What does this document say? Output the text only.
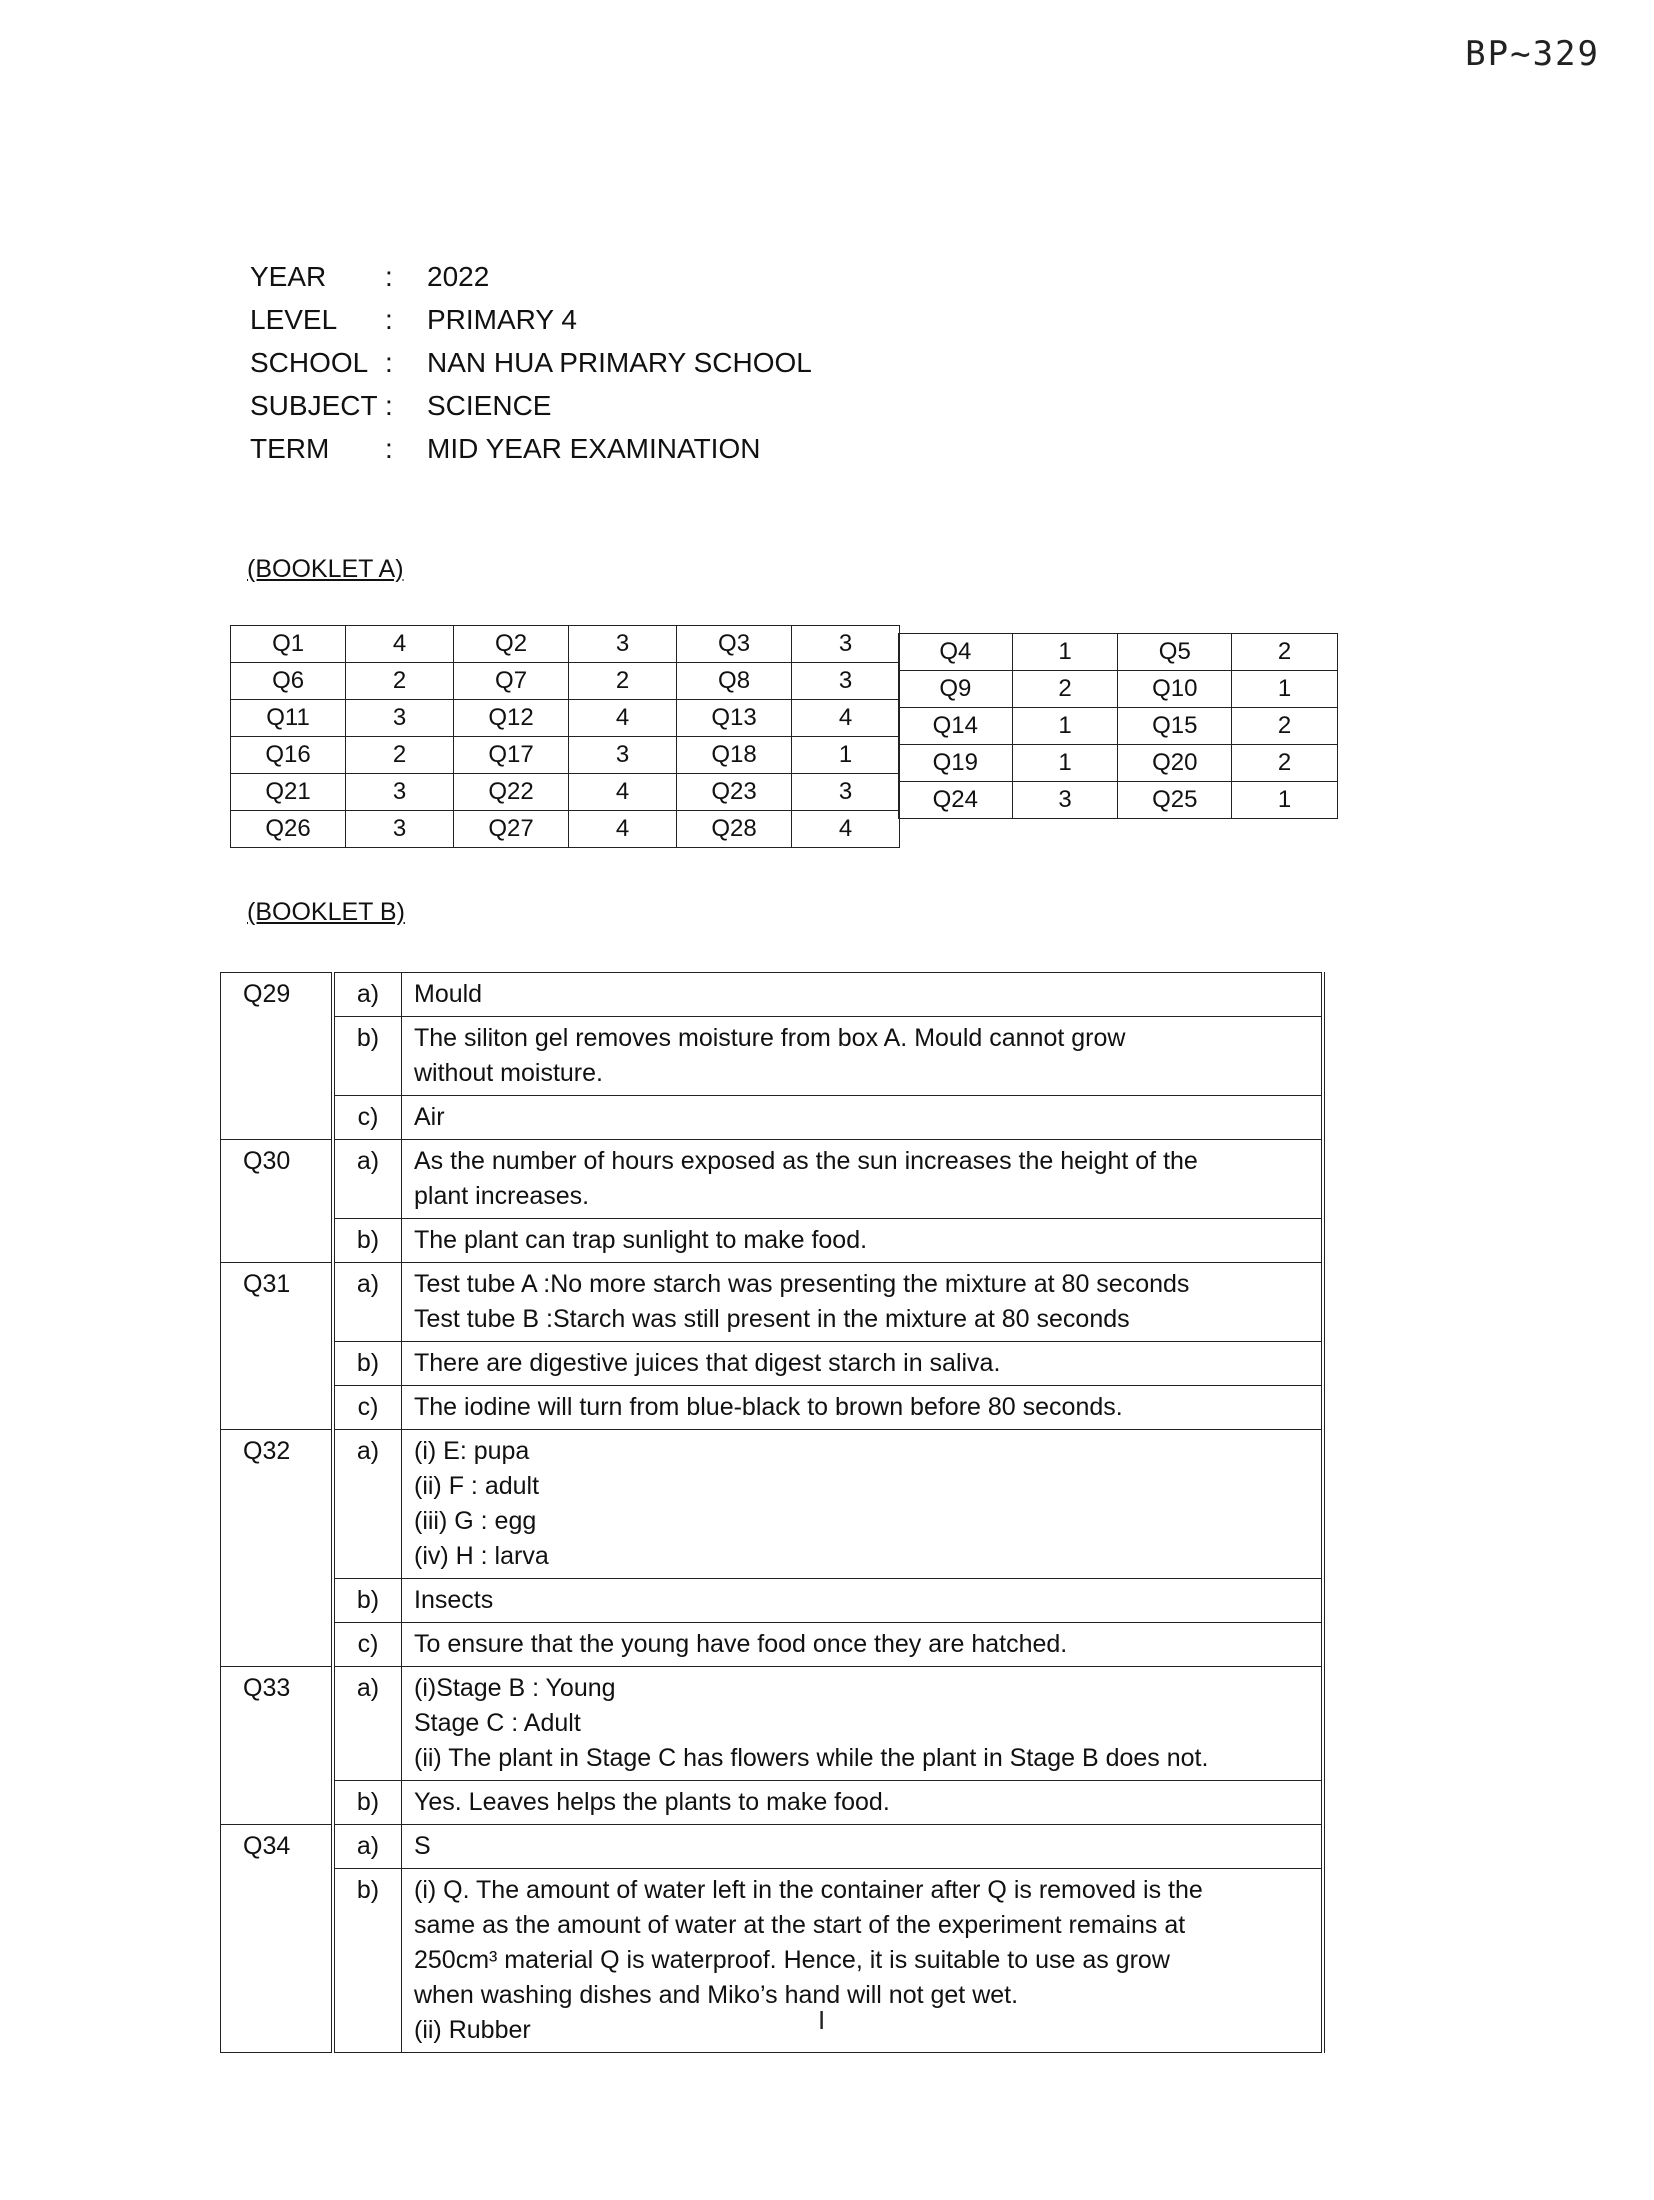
BP~329
YEAR	:	2022
LEVEL	:	PRIMARY 4
SCHOOL :	NAN HUA PRIMARY SCHOOL
SUBJECT :	SCIENCE
TERM	:	MID YEAR EXAMINATION
(BOOKLET A)
Q1	4	Q2	3	Q3	3
Q6	2	Q7	2	Q8	3
Q11	3	Q12	4	Q13	4
Q16	2	Q17	3	Q18	1
Q21	3	Q22	4	Q23	3
Q26	3	Q27	4	Q28	4
Q4	1	Q5	2
Q9	2	Q10	1
Q14	1	Q15	2
Q19	1	Q20	2
Q24	3	Q25	1
(BOOKLET B)
Q29	a)	Mould

	b)	The siliton gel removes moisture from box A. Mould cannot grow
without moisture.

	c)	Air

Q30	a)	As the number of hours exposed as the sun increases the height of the
plant increases.

	b)	The plant can trap sunlight to make food.

Q31	a)	Test tube A :No more starch was presenting the mixture at 80 seconds
Test tube B :Starch was still present in the mixture at 80 seconds

	b)	There are digestive juices that digest starch in saliva.

	c)	The iodine will turn from blue-black to brown before 80 seconds.

Q32	a)	(i) E: pupa
(ii) F : adult
(iii) G : egg
(iv) H : larva

	b)	Insects

	c)	To ensure that the young have food once they are hatched.

Q33	a)	(i)Stage B : Young
Stage C : Adult
(ii) The plant in Stage C has flowers while the plant in Stage B does not.

	b)	Yes. Leaves helps the plants to make food.

Q34	a)	S

	b)	(i) Q. The amount of water left in the container after Q is removed is the
same as the amount of water at the start of the experiment remains at
250cm³ material Q is waterproof. Hence, it is suitable to use as grow
when washing dishes and Miko’s hand will not get wet.
(ii) Rubber	I
